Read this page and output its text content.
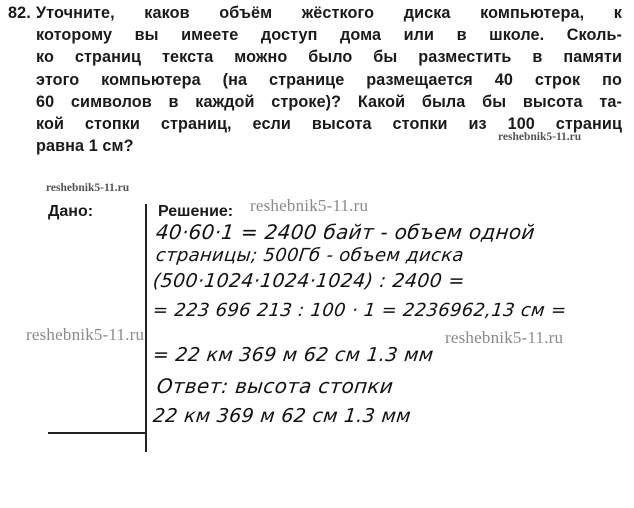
82. Уточните, каков объём жёсткого диска компьютера, к
которому вы имеете доступ дома или в школе. Сколь-
ко страниц текста можно было бы разместить в памяти
этого компьютера (на странице размещается 40 строк по
60 символов в каждой строке)? Какой была бы высота та-
кой стопки страниц, если высота стопки из 100 страниц
равна 1 см?	reshebnik5-11.ru
reshebnik5-11.ru
reshebnik5-11.ru
reshebnik5-11.ru	reshebnik5-11.ru
Дано:	Решение:
40·60·1 = 2400 байт - объем одной
страницы; 500Гб - объем диска
(500·1024·1024·1024) : 2400 =
= 223 696 213 : 100 · 1 = 2236962,13 см =
= 22 км 369 м 62 см 1.3 мм
Ответ: высота стопки
22 км 369 м 62 см 1.3 мм
